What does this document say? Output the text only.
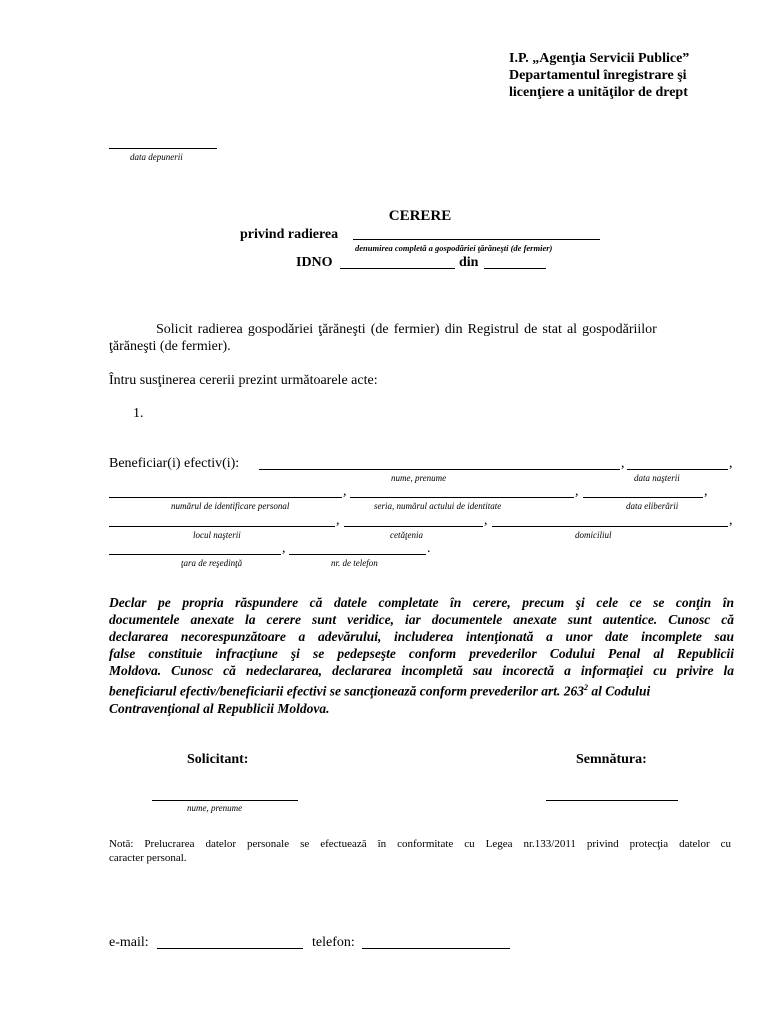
I.P. „Agenţia Servicii Publice”
Departamentul înregistrare şi
licenţiere a unităţilor de drept
data depunerii
CERERE
privind radierea
denumirea completă a gospodăriei ţărăneşti (de fermier)
IDNO	din
Solicit radierea gospodăriei ţărăneşti (de fermier) din Registrul de stat al gospodăriilor
ţărăneşti (de fermier).
Întru susţinerea cererii prezint următoarele acte:
1.
Beneficiar(i) efectiv(i):	,	,
nume, prenume	data naşterii
,	,	,
numărul de identificare personal	seria, numărul actului de identitate	data eliberării
,	,	,
locul naşterii	cetăţenia	domiciliul
,	.
ţara de reşedinţă	nr. de telefon
Declar pe propria răspundere că datele completate în cerere, precum şi cele ce se conţin în
documentele anexate la cerere sunt veridice, iar documentele anexate sunt autentice. Cunosc că
declararea necorespunzătoare a adevărului, includerea intenţionată a unor date incomplete sau
false constituie infracţiune şi se pedepseşte conform prevederilor Codului Penal al Republicii
Moldova. Cunosc că nedeclararea, declararea incompletă sau incorectă a informaţiei cu privire la
beneficiarul efectiv/beneficiarii efectivi se sancţionează conform prevederilor art. $263^2$ al Codului
Contravenţional al Republicii Moldova.
Solicitant:	Semnătura:
nume, prenume
Notă: Prelucrarea datelor personale se efectuează în conformitate cu Legea nr.133/2011 privind protecţia datelor cu
caracter personal.
e-mail:	telefon:
